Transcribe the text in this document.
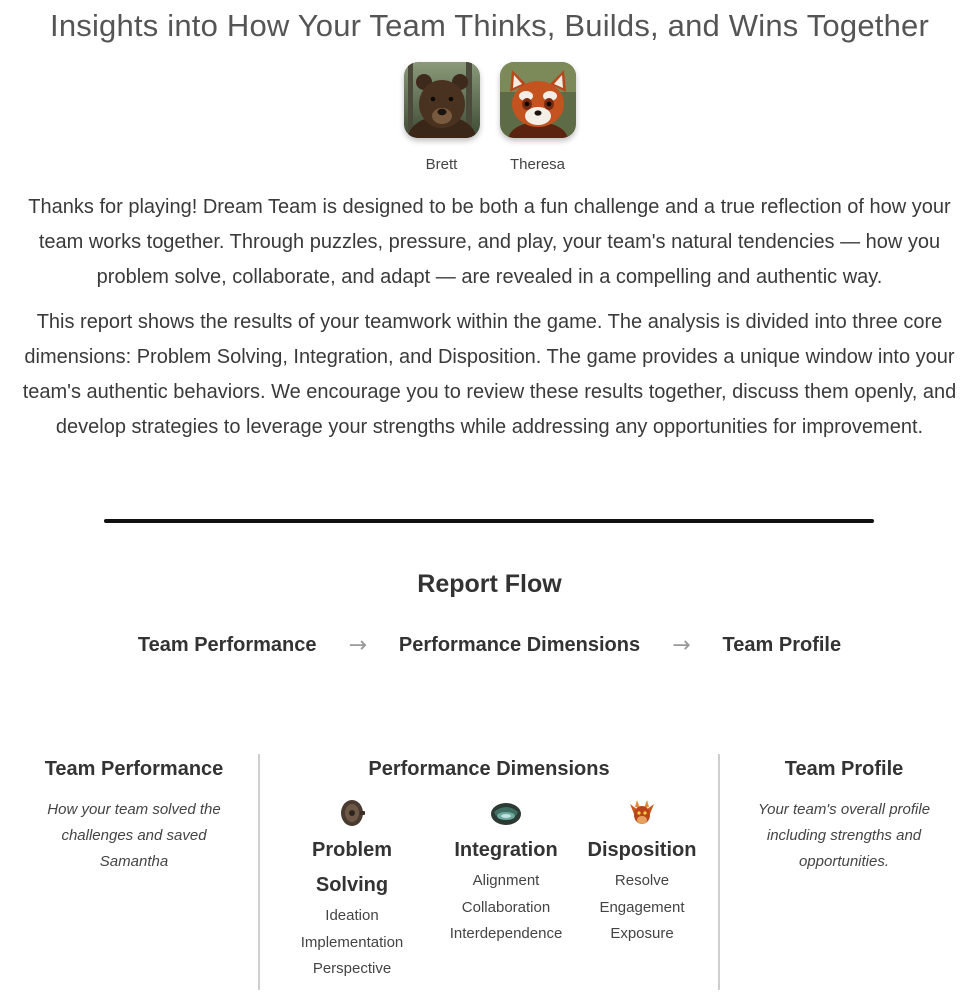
Insights into How Your Team Thinks, Builds, and Wins Together
Brett	Theresa

Thanks for playing! Dream Team is designed to be both a fun challenge and a true reflection of how your team works together. Through puzzles, pressure, and play, your team's natural tendencies — how you problem solve, collaborate, and adapt — are revealed in a compelling and authentic way.

This report shows the results of your teamwork within the game. The analysis is divided into three core dimensions: Problem Solving, Integration, and Disposition. The game provides a unique window into your team's authentic behaviors. We encourage you to review these results together, discuss them openly, and develop strategies to leverage your strengths while addressing any opportunities for improvement.

Report Flow
Team Performance → Performance Dimensions → Team Profile
Team Performance
How your team solved the challenges and saved Samantha
Performance Dimensions
Problem Solving
Ideation
Implementation
Perspective
Integration
Alignment
Collaboration
Interdependence
Disposition
Resolve
Engagement
Exposure
Team Profile
Your team's overall profile including strengths and opportunities.
